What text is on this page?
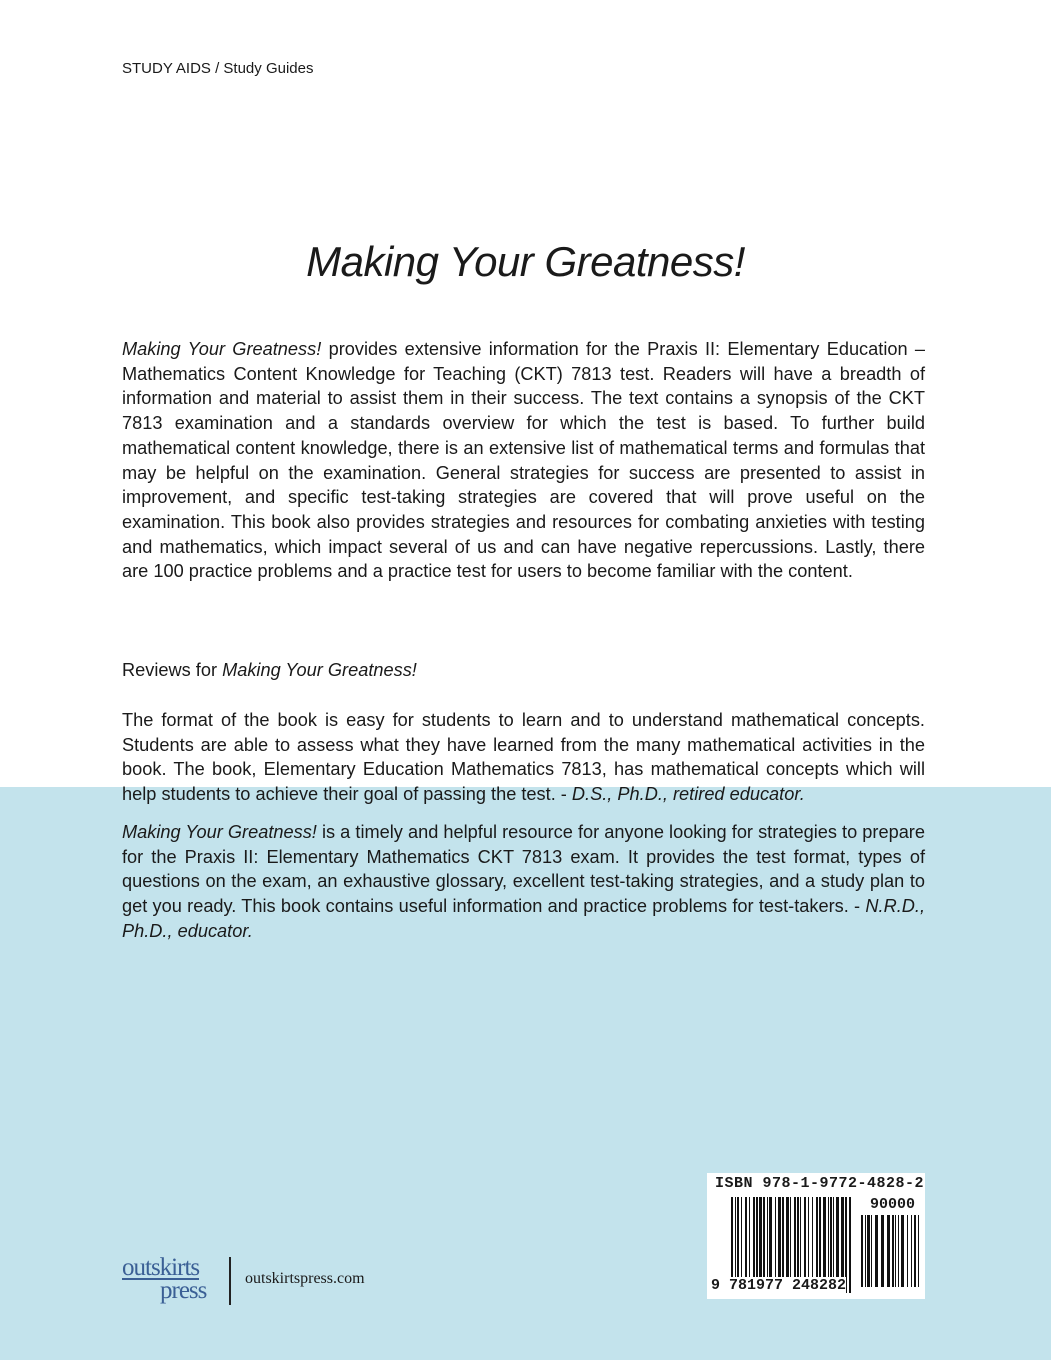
STUDY AIDS / Study Guides
Making Your Greatness!
Making Your Greatness! provides extensive information for the Praxis II: Elementary Education – Mathematics Content Knowledge for Teaching (CKT) 7813 test. Readers will have a breadth of information and material to assist them in their success. The text contains a synopsis of the CKT 7813 examination and a standards overview for which the test is based. To further build mathematical content knowledge, there is an extensive list of mathematical terms and formulas that may be helpful on the examination. General strategies for success are presented to assist in improvement, and specific test-taking strategies are covered that will prove useful on the examination. This book also provides strategies and resources for combating anxieties with testing and mathematics, which impact several of us and can have negative repercussions. Lastly, there are 100 practice problems and a practice test for users to become familiar with the content.
Reviews for Making Your Greatness!
The format of the book is easy for students to learn and to understand mathematical concepts. Students are able to assess what they have learned from the many mathematical activities in the book. The book, Elementary Education Mathematics 7813, has mathematical concepts which will help students to achieve their goal of passing the test. - D.S., Ph.D., retired educator.
Making Your Greatness! is a timely and helpful resource for anyone looking for strategies to prepare for the Praxis II: Elementary Mathematics CKT 7813 exam. It provides the test format, types of questions on the exam, an exhaustive glossary, excellent test-taking strategies, and a study plan to get you ready. This book contains useful information and practice problems for test-takers. - N.R.D., Ph.D., educator.
outskirts
press outskirtspress.com
ISBN 978-1-9772-4828-2
90000
9 781977 248282
